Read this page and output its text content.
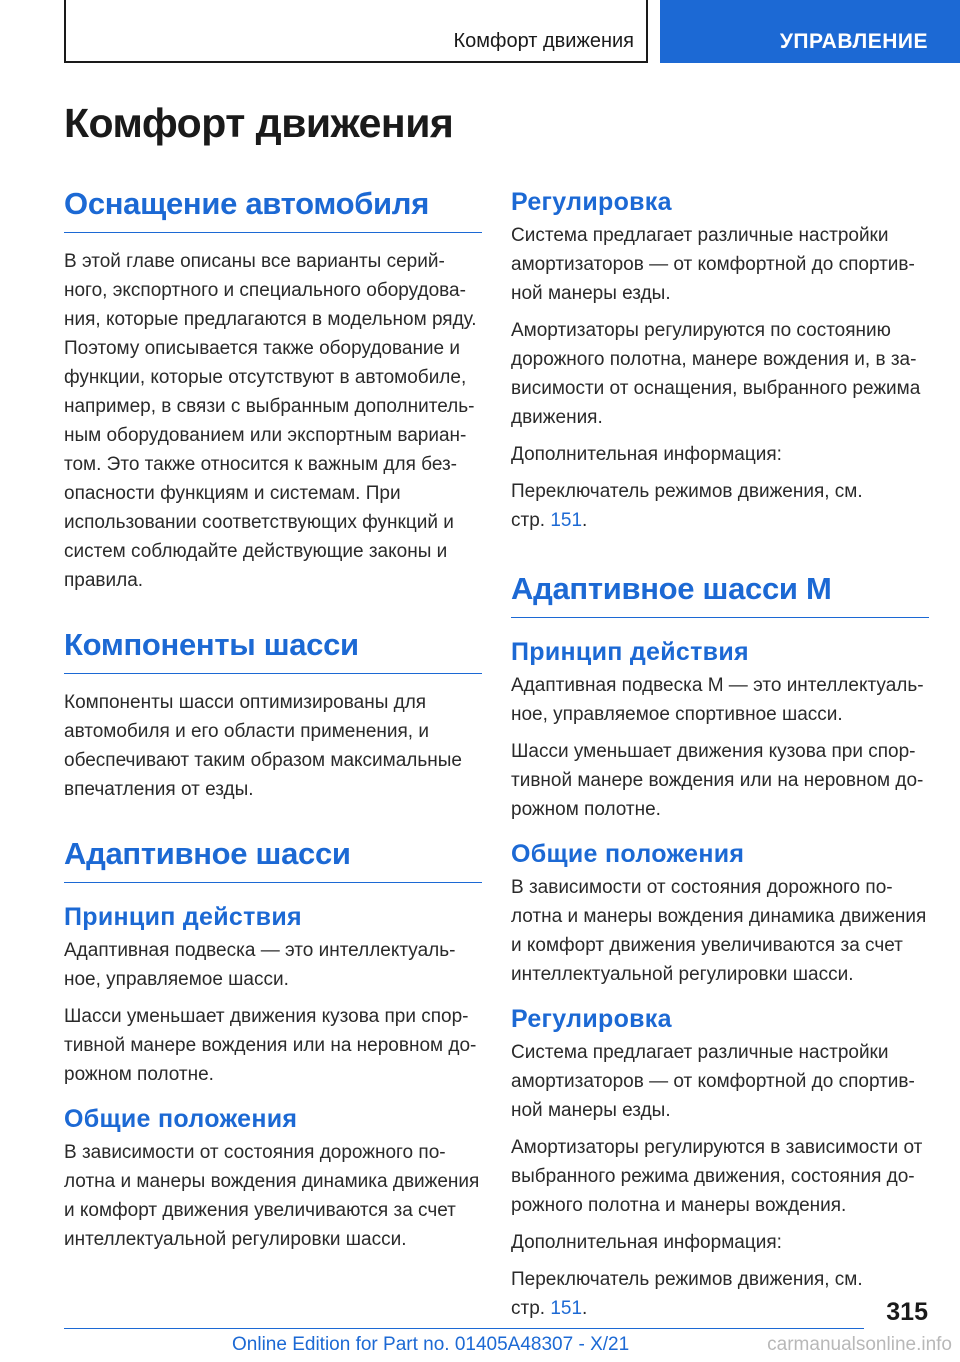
Комфорт движения	УПРАВЛЕНИЕ
Комфорт движения
Оснащение автомобиля

В этой главе описаны все варианты серий-
ного, экспортного и специального оборудова-
ния, которые предлагаются в модельном ряду.
Поэтому описывается также оборудование и
функции, которые отсутствуют в автомобиле,
например, в связи с выбранным дополнитель-
ным оборудованием или экспортным вариан-
том. Это также относится к важным для без-
опасности функциям и системам. При
использовании соответствующих функций и
систем соблюдайте действующие законы и
правила.

Компоненты шасси

Компоненты шасси оптимизированы для
автомобиля и его области применения, и
обеспечивают таким образом максимальные
впечатления от езды.

Адаптивное шасси
Принцип действия

Адаптивная подвеска — это интеллектуаль-
ное, управляемое шасси.

Шасси уменьшает движения кузова при спор-
тивной манере вождения или на неровном до-
рожном полотне.

Общие положения

В зависимости от состояния дорожного по-
лотна и манеры вождения динамика движения
и комфорт движения увеличиваются за счет
интеллектуальной регулировки шасси.

Регулировка

Система предлагает различные настройки
амортизаторов — от комфортной до спортив-
ной манеры езды.

Амортизаторы регулируются по состоянию
дорожного полотна, манере вождения и, в за-
висимости от оснащения, выбранного режима
движения.

Дополнительная информация:

Переключатель режимов движения, см.
стр. 151.

Адаптивное шасси M
Принцип действия

Адаптивная подвеска M — это интеллектуаль-
ное, управляемое спортивное шасси.

Шасси уменьшает движения кузова при спор-
тивной манере вождения или на неровном до-
рожном полотне.

Общие положения

В зависимости от состояния дорожного по-
лотна и манеры вождения динамика движения
и комфорт движения увеличиваются за счет
интеллектуальной регулировки шасси.

Регулировка

Система предлагает различные настройки
амортизаторов — от комфортной до спортив-
ной манеры езды.

Амортизаторы регулируются в зависимости от
выбранного режима движения, состояния до-
рожного полотна и манеры вождения.

Дополнительная информация:

Переключатель режимов движения, см.
стр. 151.	315
Online Edition for Part no. 01405A48307 - X/21	carmanualsonline.info
